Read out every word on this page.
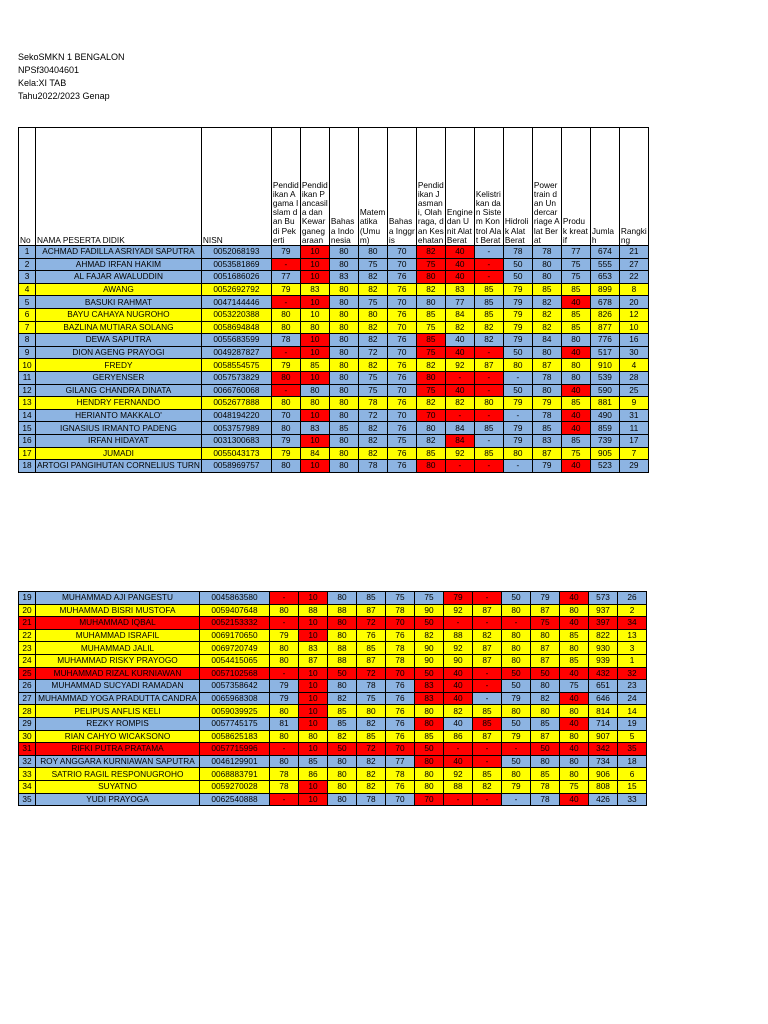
SekoSMKN 1 BENGALON
NPSf30404601
Kela:XI TAB
Tahu2022/2023 Genap
No	NAMA PESERTA DIDIK	NISN	Pendidikan Agama Islam dan Budi Pekerti	Pendidikan Pancasila dan Kewarganegaraan	Bahasa Indonesia	Matematika (Umum)	Bahasa Inggris	Pendidikan Jasmani, Olahraga, dan Kesehatan	Engine dan Unit Alat Berat	Kelistrikan dan Sistem Kontrol Alat Berat	Hidrolik Alat Berat	Power train dan Undercarriage Alat Berat	Produk kreatif	Jumlah	Rangking
1	ACHMAD FADILLA ASRIYADI SAPUTRA	0052068193	79	10	80	80	70	82	40	-	78	78	77	674	21
2	AHMAD IRFAN HAKIM	0053581869	-	10	80	75	70	75	40	-	50	80	75	555	27
3	AL FAJAR AWALUDDIN	0051686026	77	10	83	82	76	80	40	-	50	80	75	653	22
4	AWANG	0052692792	79	83	80	82	76	82	83	85	79	85	85	899	8
5	BASUKI RAHMAT	0047144446	-	10	80	75	70	80	77	85	79	82	40	678	20
6	BAYU CAHAYA NUGROHO	0053220388	80	10	80	80	76	85	84	85	79	82	85	826	12
7	BAZLINA MUTIARA SOLANG	0058694848	80	80	80	82	70	75	82	82	79	82	85	877	10
8	DEWA SAPUTRA	0055683599	78	10	80	82	76	85	40	82	79	84	80	776	16
9	DION AGENG PRAYOGI	0049287827	-	10	80	72	70	75	40	-	50	80	40	517	30
10	FREDY	0058554575	79	85	80	82	76	82	92	87	80	87	80	910	4
11	GERYENSER	0057573829	80	10	80	75	76	80	-	-	-	78	80	539	28
12	GILANG CHANDRA DINATA	0066760068	-	80	80	75	70	75	40	-	50	80	40	590	25
13	HENDRY FERNANDO	0052677888	80	80	80	78	76	82	82	80	79	79	85	881	9
14	HERIANTO MAKKALO'	0048194220	70	10	80	72	70	70	-	-	-	78	40	490	31
15	IGNASIUS IRMANTO PADENG	0053757989	80	83	85	82	76	80	84	85	79	85	40	859	11
16	IRFAN HIDAYAT	0031300683	79	10	80	82	75	82	84	-	79	83	85	739	17
17	JUMADI	0055043173	79	84	80	82	76	85	92	85	80	87	75	905	7
18	ARTOGI PANGIHUTAN CORNELIUS TURN	0058969757	80	10	80	78	76	80	-	-	-	79	40	523	29
19	MUHAMMAD AJI PANGESTU	0045863580	-	10	80	85	75	75	79	-	50	79	40	573	26
20	MUHAMMAD BISRI MUSTOFA	0059407648	80	88	88	87	78	90	92	87	80	87	80	937	2
21	MUHAMMAD IQBAL	0052153332	-	10	80	72	70	50	-	-	-	75	40	397	34
22	MUHAMMAD ISRAFIL	0069170650	79	10	80	76	76	82	88	82	80	80	85	822	13
23	MUHAMMAD JALIL	0069720749	80	83	88	85	78	90	92	87	80	87	80	930	3
24	MUHAMMAD RISKY PRAYOGO	0054415065	80	87	88	87	78	90	90	87	80	87	85	939	1
25	MUHAMMAD RIZAL KURNIAWAN	0057102568	-	10	50	72	70	50	40	-	50	50	40	432	32
26	MUHAMMAD SUCYADI RAMADAN	0057358642	79	10	80	78	76	83	40	-	50	80	75	651	23
27	MUHAMMAD YOGA PRADUTTA CANDRA	0065968308	79	10	82	75	76	83	40	-	79	82	40	646	24
28	PELIPUS ANFLIS KELI	0059039925	80	10	85	80	76	80	82	85	80	80	80	814	14
29	REZKY ROMPIS	0057745175	81	10	85	82	76	80	40	85	50	85	40	714	19
30	RIAN CAHYO WICAKSONO	0058625183	80	80	82	85	76	85	86	87	79	87	80	907	5
31	RIFKI PUTRA PRATAMA	0057715996	-	10	50	72	70	50	-	-	-	50	40	342	35
32	ROY ANGGARA KURNIAWAN SAPUTRA	0046129901	80	85	80	82	77	80	40	-	50	80	80	734	18
33	SATRIO RAGIL RESPONUGROHO	0068883791	78	86	80	82	78	80	92	85	80	85	80	906	6
34	SUYATNO	0059270028	78	10	80	82	76	80	88	82	79	78	75	808	15
35	YUDI PRAYOGA	0062540888	-	10	80	78	70	70	-	-	-	78	40	426	33
